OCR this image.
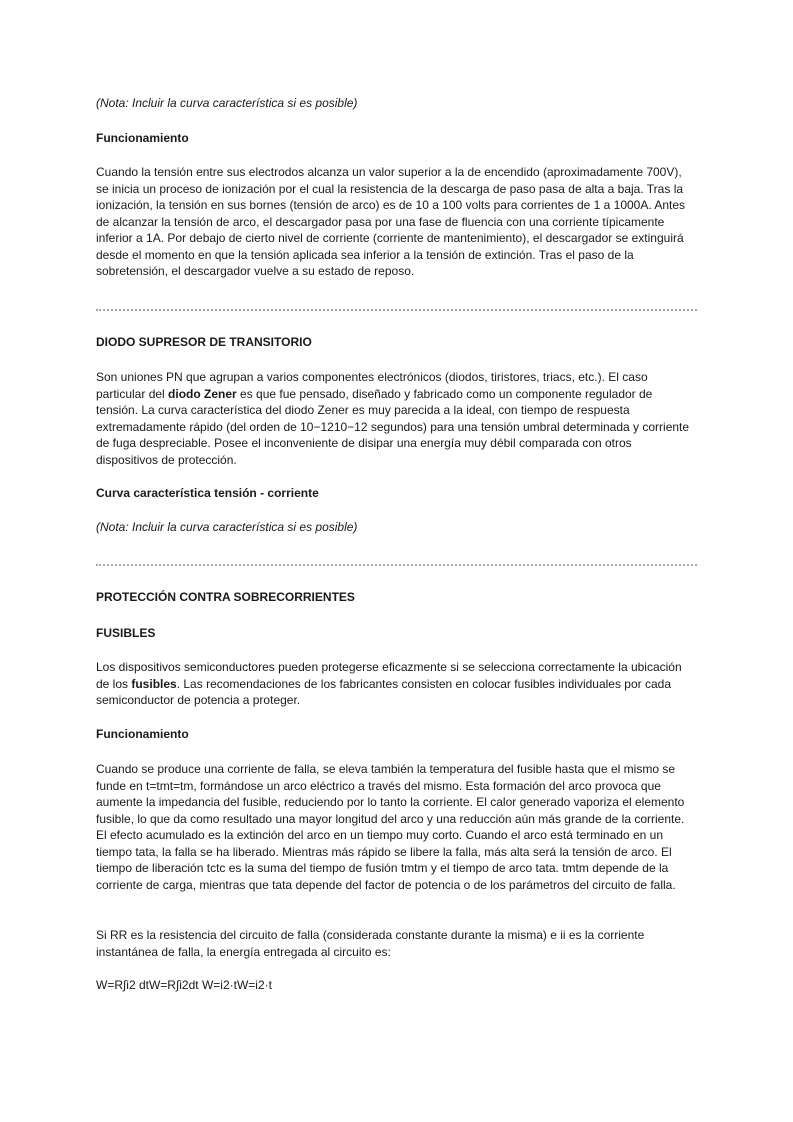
(Nota: Incluir la curva característica si es posible)

Funcionamiento

Cuando la tensión entre sus electrodos alcanza un valor superior a la de encendido (aproximadamente 700V), se inicia un proceso de ionización por el cual la resistencia de la descarga de paso pasa de alta a baja. Tras la ionización, la tensión en sus bornes (tensión de arco) es de 10 a 100 volts para corrientes de 1 a 1000A. Antes de alcanzar la tensión de arco, el descargador pasa por una fase de fluencia con una corriente típicamente inferior a 1A. Por debajo de cierto nivel de corriente (corriente de mantenimiento), el descargador se extinguirá desde el momento en que la tensión aplicada sea inferior a la tensión de extinción. Tras el paso de la sobretensión, el descargador vuelve a su estado de reposo.

DIODO SUPRESOR DE TRANSITORIO

Son uniones PN que agrupan a varios componentes electrónicos (diodos, tiristores, triacs, etc.). El caso particular del diodo Zener es que fue pensado, diseñado y fabricado como un componente regulador de tensión. La curva característica del diodo Zener es muy parecida a la ideal, con tiempo de respuesta extremadamente rápido (del orden de 10−1210−12 segundos) para una tensión umbral determinada y corriente de fuga despreciable. Posee el inconveniente de disipar una energía muy débil comparada con otros dispositivos de protección.

Curva característica tensión - corriente

(Nota: Incluir la curva característica si es posible)

PROTECCIÓN CONTRA SOBRECORRIENTES

FUSIBLES

Los dispositivos semiconductores pueden protegerse eficazmente si se selecciona correctamente la ubicación de los fusibles. Las recomendaciones de los fabricantes consisten en colocar fusibles individuales por cada semiconductor de potencia a proteger.

Funcionamiento

Cuando se produce una corriente de falla, se eleva también la temperatura del fusible hasta que el mismo se funde en t=tmt=tm, formándose un arco eléctrico a través del mismo. Esta formación del arco provoca que aumente la impedancia del fusible, reduciendo por lo tanto la corriente. El calor generado vaporiza el elemento fusible, lo que da como resultado una mayor longitud del arco y una reducción aún más grande de la corriente. El efecto acumulado es la extinción del arco en un tiempo muy corto. Cuando el arco está terminado en un tiempo tata, la falla se ha liberado. Mientras más rápido se libere la falla, más alta será la tensión de arco. El tiempo de liberación tctc es la suma del tiempo de fusión tmtm y el tiempo de arco tata. tmtm depende de la corriente de carga, mientras que tata depende del factor de potencia o de los parámetros del circuito de falla.

Si RR es la resistencia del circuito de falla (considerada constante durante la misma) e ii es la corriente instantánea de falla, la energía entregada al circuito es:

W=R∫i2 dtW=R∫i2dt W=i2·tW=i2·t
